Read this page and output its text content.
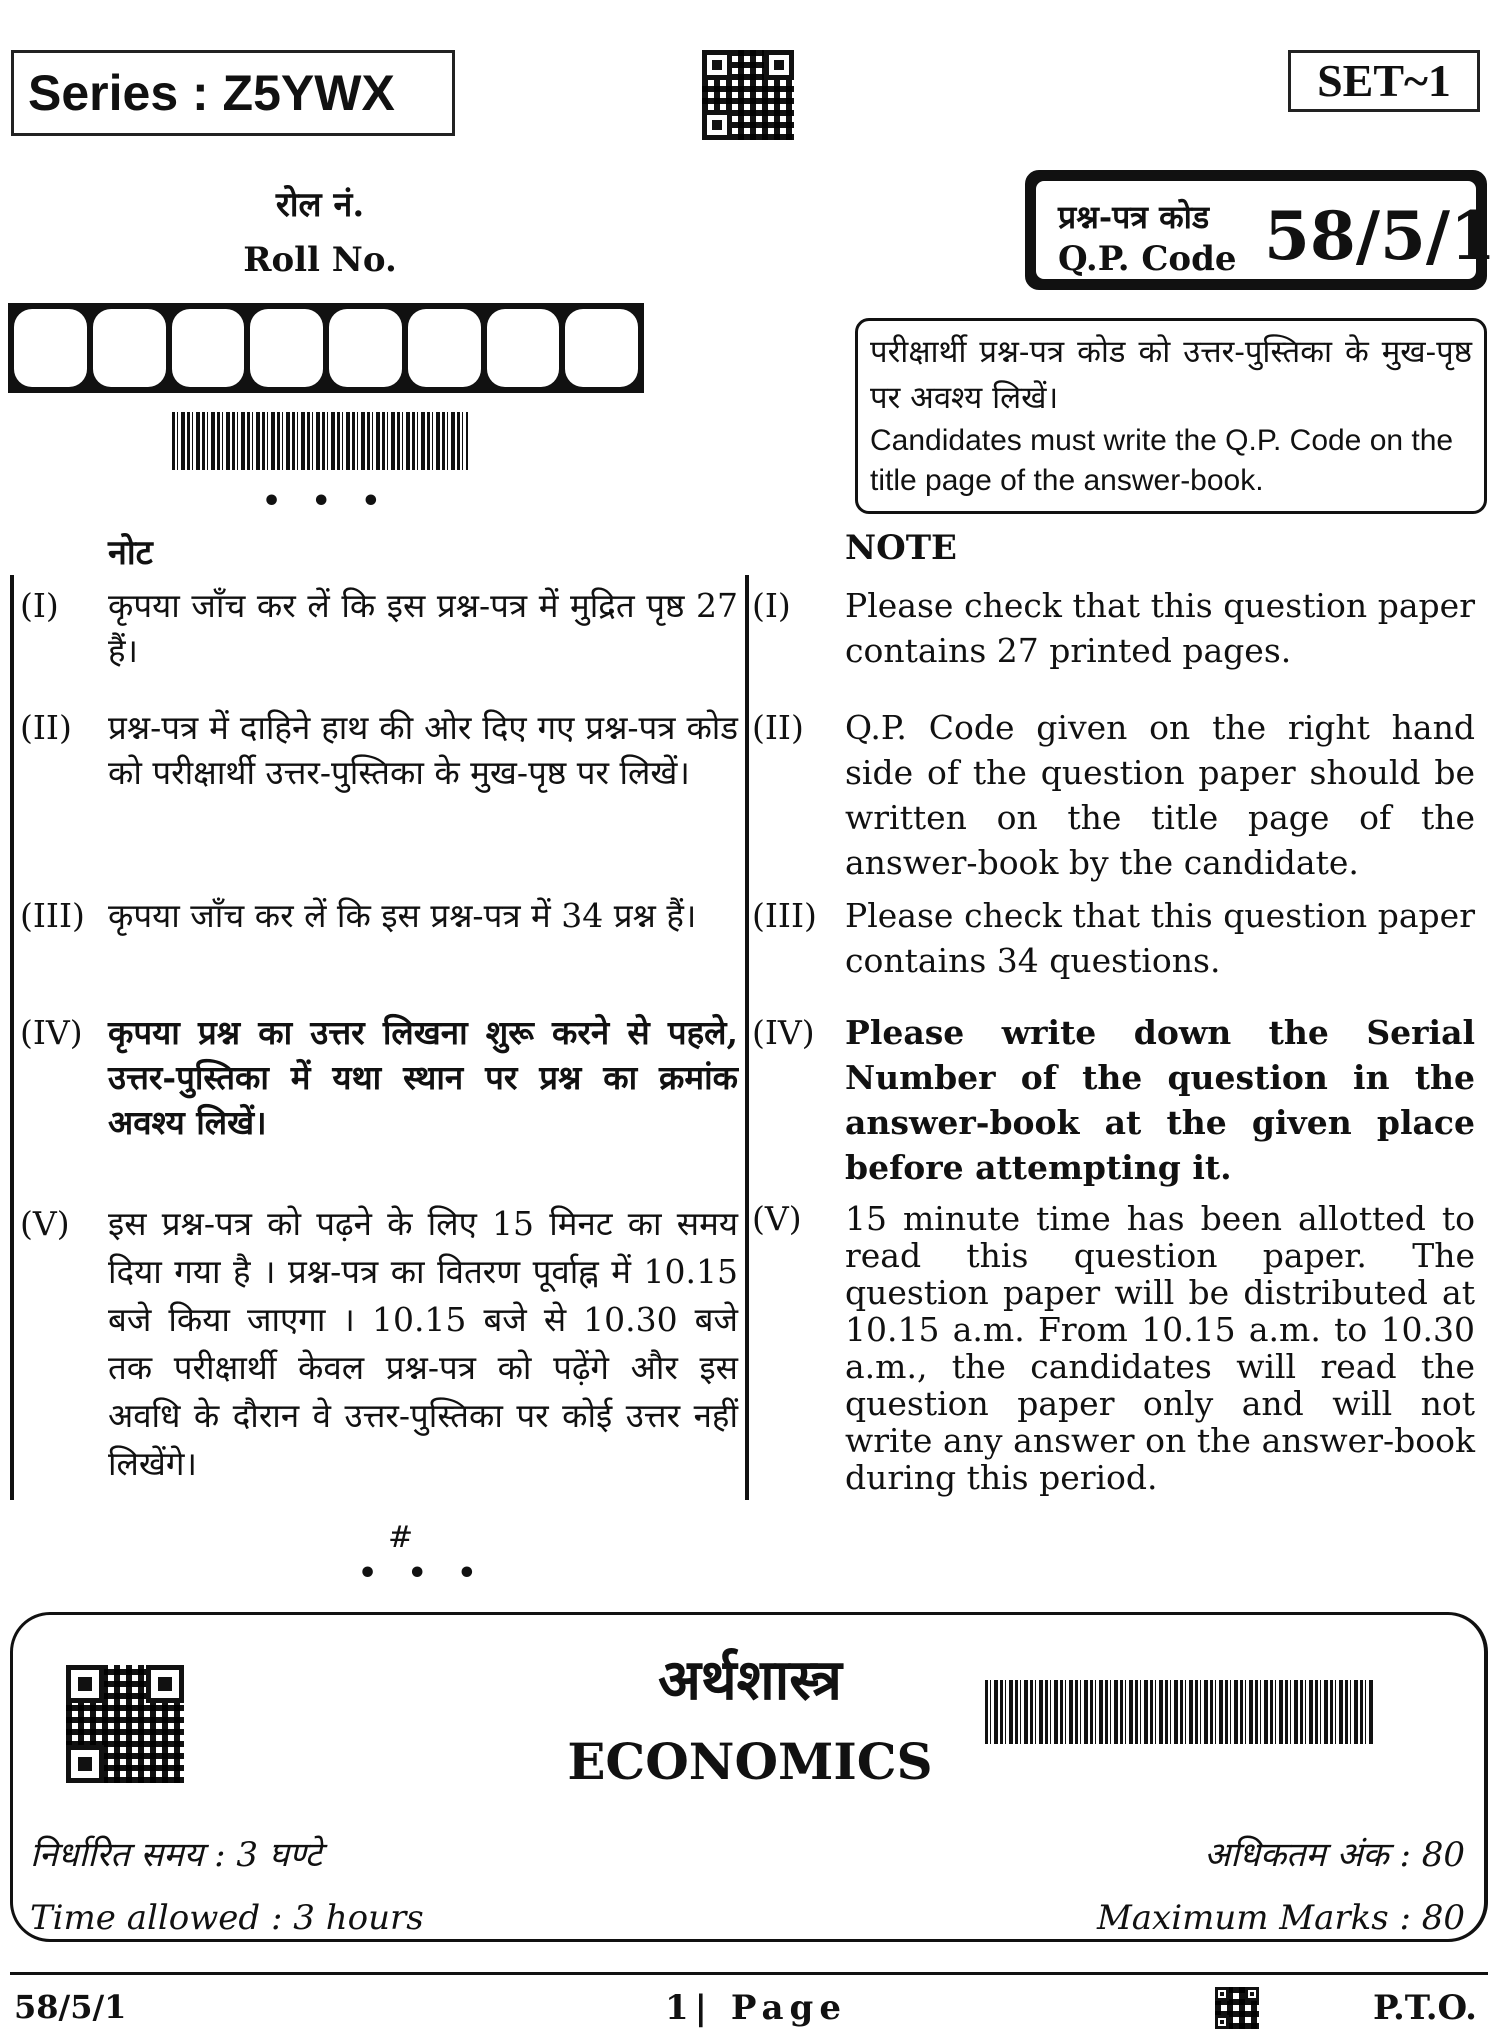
Series : Z5YWX	SET~1
रोल नं.
Roll No.
• • •
प्रश्न-पत्र कोड
Q.P. Code 58/5/1
परीक्षार्थी प्रश्न-पत्र कोड को उत्तर-पुस्तिका के मुख-पृष्ठ पर अवश्य लिखें।
Candidates must write the Q.P. Code on the title page of the answer-book.
नोट	NOTE
(I) कृपया जाँच कर लें कि इस प्रश्न-पत्र में मुद्रित पृष्ठ 27 हैं।
(I) Please check that this question paper contains 27 printed pages.
(II) प्रश्न-पत्र में दाहिने हाथ की ओर दिए गए प्रश्न-पत्र कोड को परीक्षार्थी उत्तर-पुस्तिका के मुख-पृष्ठ पर लिखें।
(II) Q.P. Code given on the right hand side of the question paper should be written on the title page of the answer-book by the candidate.
(III) कृपया जाँच कर लें कि इस प्रश्न-पत्र में 34 प्रश्न हैं।	(III) Please check that this question paper contains 34 questions.
(IV) कृपया प्रश्न का उत्तर लिखना शुरू करने से पहले, उत्तर-पुस्तिका में यथा स्थान पर प्रश्न का क्रमांक अवश्य लिखें।
(IV) Please write down the Serial Number of the question in the answer-book at the given place before attempting it.
(V) इस प्रश्न-पत्र को पढ़ने के लिए 15 मिनट का समय दिया गया है । प्रश्न-पत्र का वितरण पूर्वाह्न में 10.15 बजे किया जाएगा । 10.15 बजे से 10.30 बजे तक परीक्षार्थी केवल प्रश्न-पत्र को पढ़ेंगे और इस अवधि के दौरान वे उत्तर-पुस्तिका पर कोई उत्तर नहीं लिखेंगे।
(V) 15 minute time has been allotted to read this question paper. The question paper will be distributed at 10.15 a.m. From 10.15 a.m. to 10.30 a.m., the candidates will read the question paper only and will not write any answer on the answer-book during this period.
#
• • •
अर्थशास्त्र
ECONOMICS
निर्धारित समय : 3 घण्टे	अधिकतम अंक : 80
Time allowed : 3 hours	Maximum Marks : 80
58/5/1	1| Page	P.T.O.
